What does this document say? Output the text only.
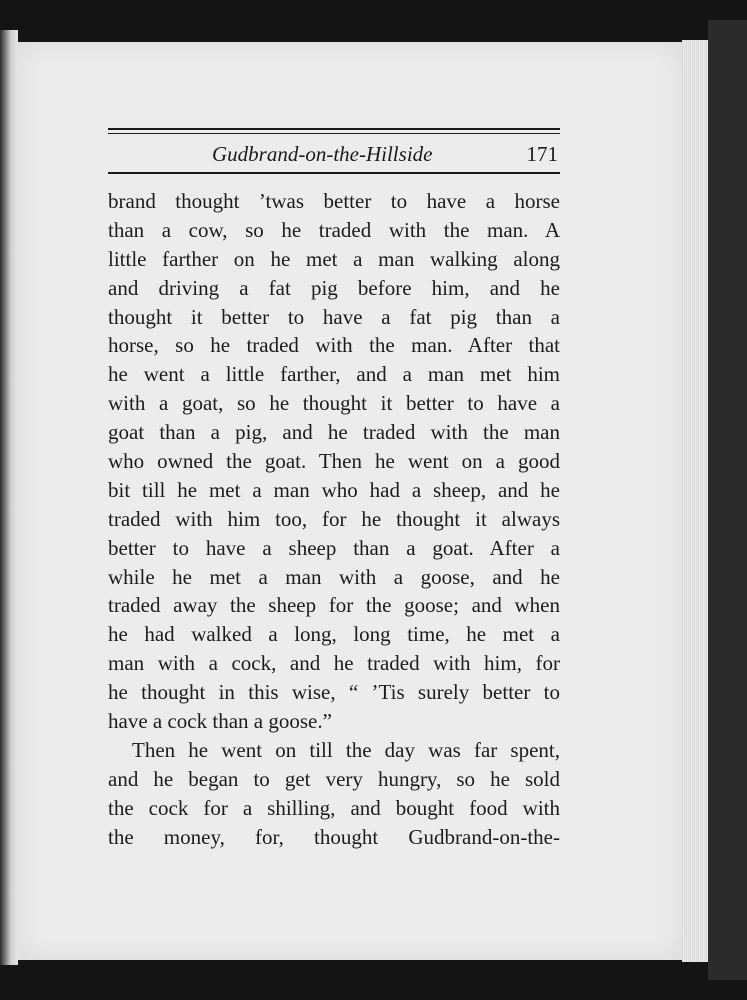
Gudbrand-on-the-Hillside	171
brand thought ’twas better to have a horse
than a cow, so he traded with the man. A
little farther on he met a man walking along
and driving a fat pig before him, and he
thought it better to have a fat pig than a
horse, so he traded with the man. After that
he went a little farther, and a man met him
with a goat, so he thought it better to have a
goat than a pig, and he traded with the man
who owned the goat. Then he went on a good
bit till he met a man who had a sheep, and he
traded with him too, for he thought it always
better to have a sheep than a goat. After a
while he met a man with a goose, and he
traded away the sheep for the goose; and when
he had walked a long, long time, he met a
man with a cock, and he traded with him, for
he thought in this wise, “ ’Tis surely better to
have a cock than a goose.”
Then he went on till the day was far spent,
and he began to get very hungry, so he sold
the cock for a shilling, and bought food with
the money, for, thought Gudbrand-on-the-
